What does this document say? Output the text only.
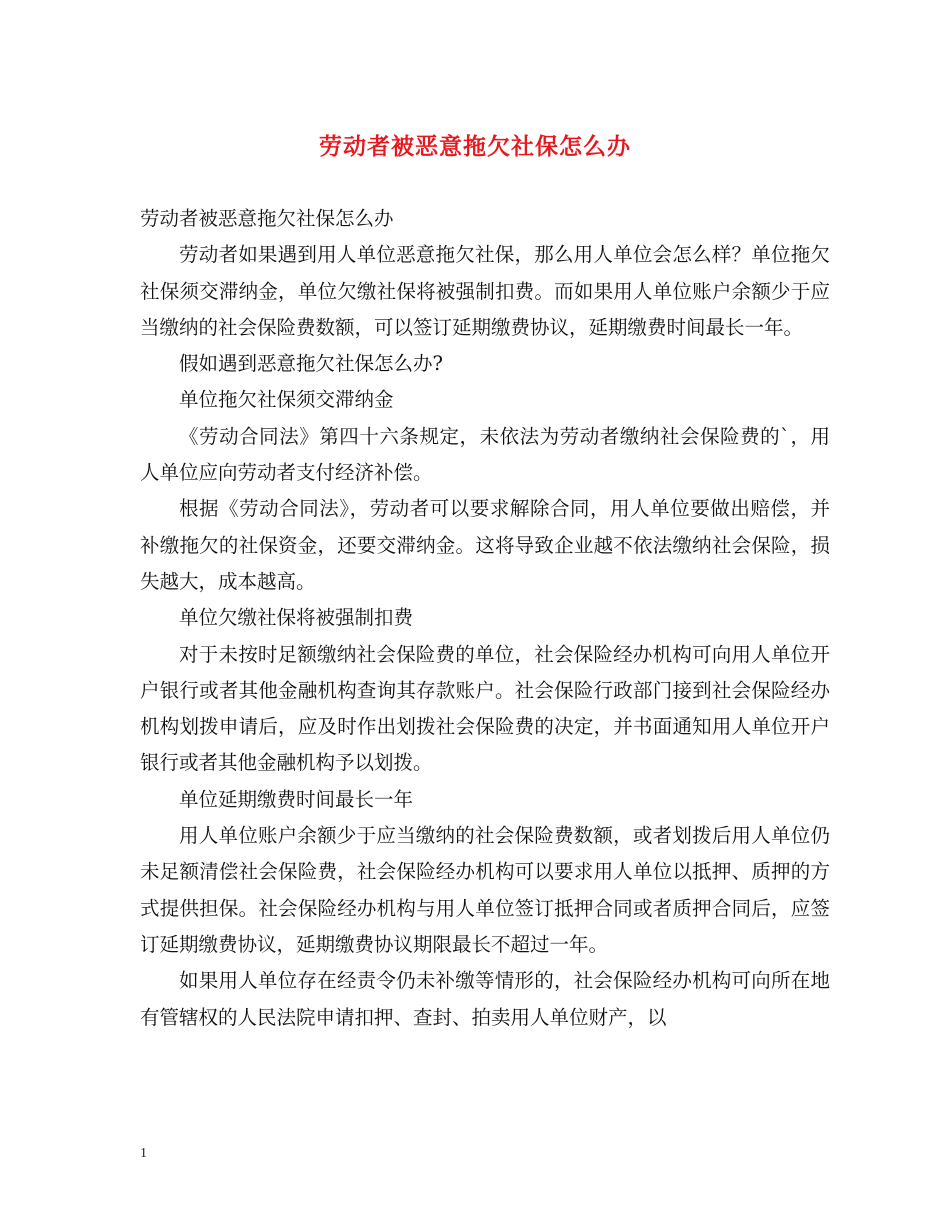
劳动者被恶意拖欠社保怎么办

劳动者被恶意拖欠社保怎么办

劳动者如果遇到用人单位恶意拖欠社保，那么用人单位会怎么样？单位拖欠社保须交滞纳金，单位欠缴社保将被强制扣费。而如果用人单位账户余额少于应当缴纳的社会保险费数额，可以签订延期缴费协议，延期缴费时间最长一年。

假如遇到恶意拖欠社保怎么办?

单位拖欠社保须交滞纳金

《劳动合同法》第四十六条规定，未依法为劳动者缴纳社会保险费的`，用人单位应向劳动者支付经济补偿。

根据《劳动合同法》，劳动者可以要求解除合同，用人单位要做出赔偿，并补缴拖欠的社保资金，还要交滞纳金。这将导致企业越不依法缴纳社会保险，损失越大，成本越高。

单位欠缴社保将被强制扣费

对于未按时足额缴纳社会保险费的单位，社会保险经办机构可向用人单位开户银行或者其他金融机构查询其存款账户。社会保险行政部门接到社会保险经办机构划拨申请后，应及时作出划拨社会保险费的决定，并书面通知用人单位开户银行或者其他金融机构予以划拨。

单位延期缴费时间最长一年

用人单位账户余额少于应当缴纳的社会保险费数额，或者划拨后用人单位仍未足额清偿社会保险费，社会保险经办机构可以要求用人单位以抵押、质押的方式提供担保。社会保险经办机构与用人单位签订抵押合同或者质押合同后，应签订延期缴费协议，延期缴费协议期限最长不超过一年。

如果用人单位存在经责令仍未补缴等情形的，社会保险经办机构可向所在地有管辖权的人民法院申请扣押、查封、拍卖用人单位财产，以

1
